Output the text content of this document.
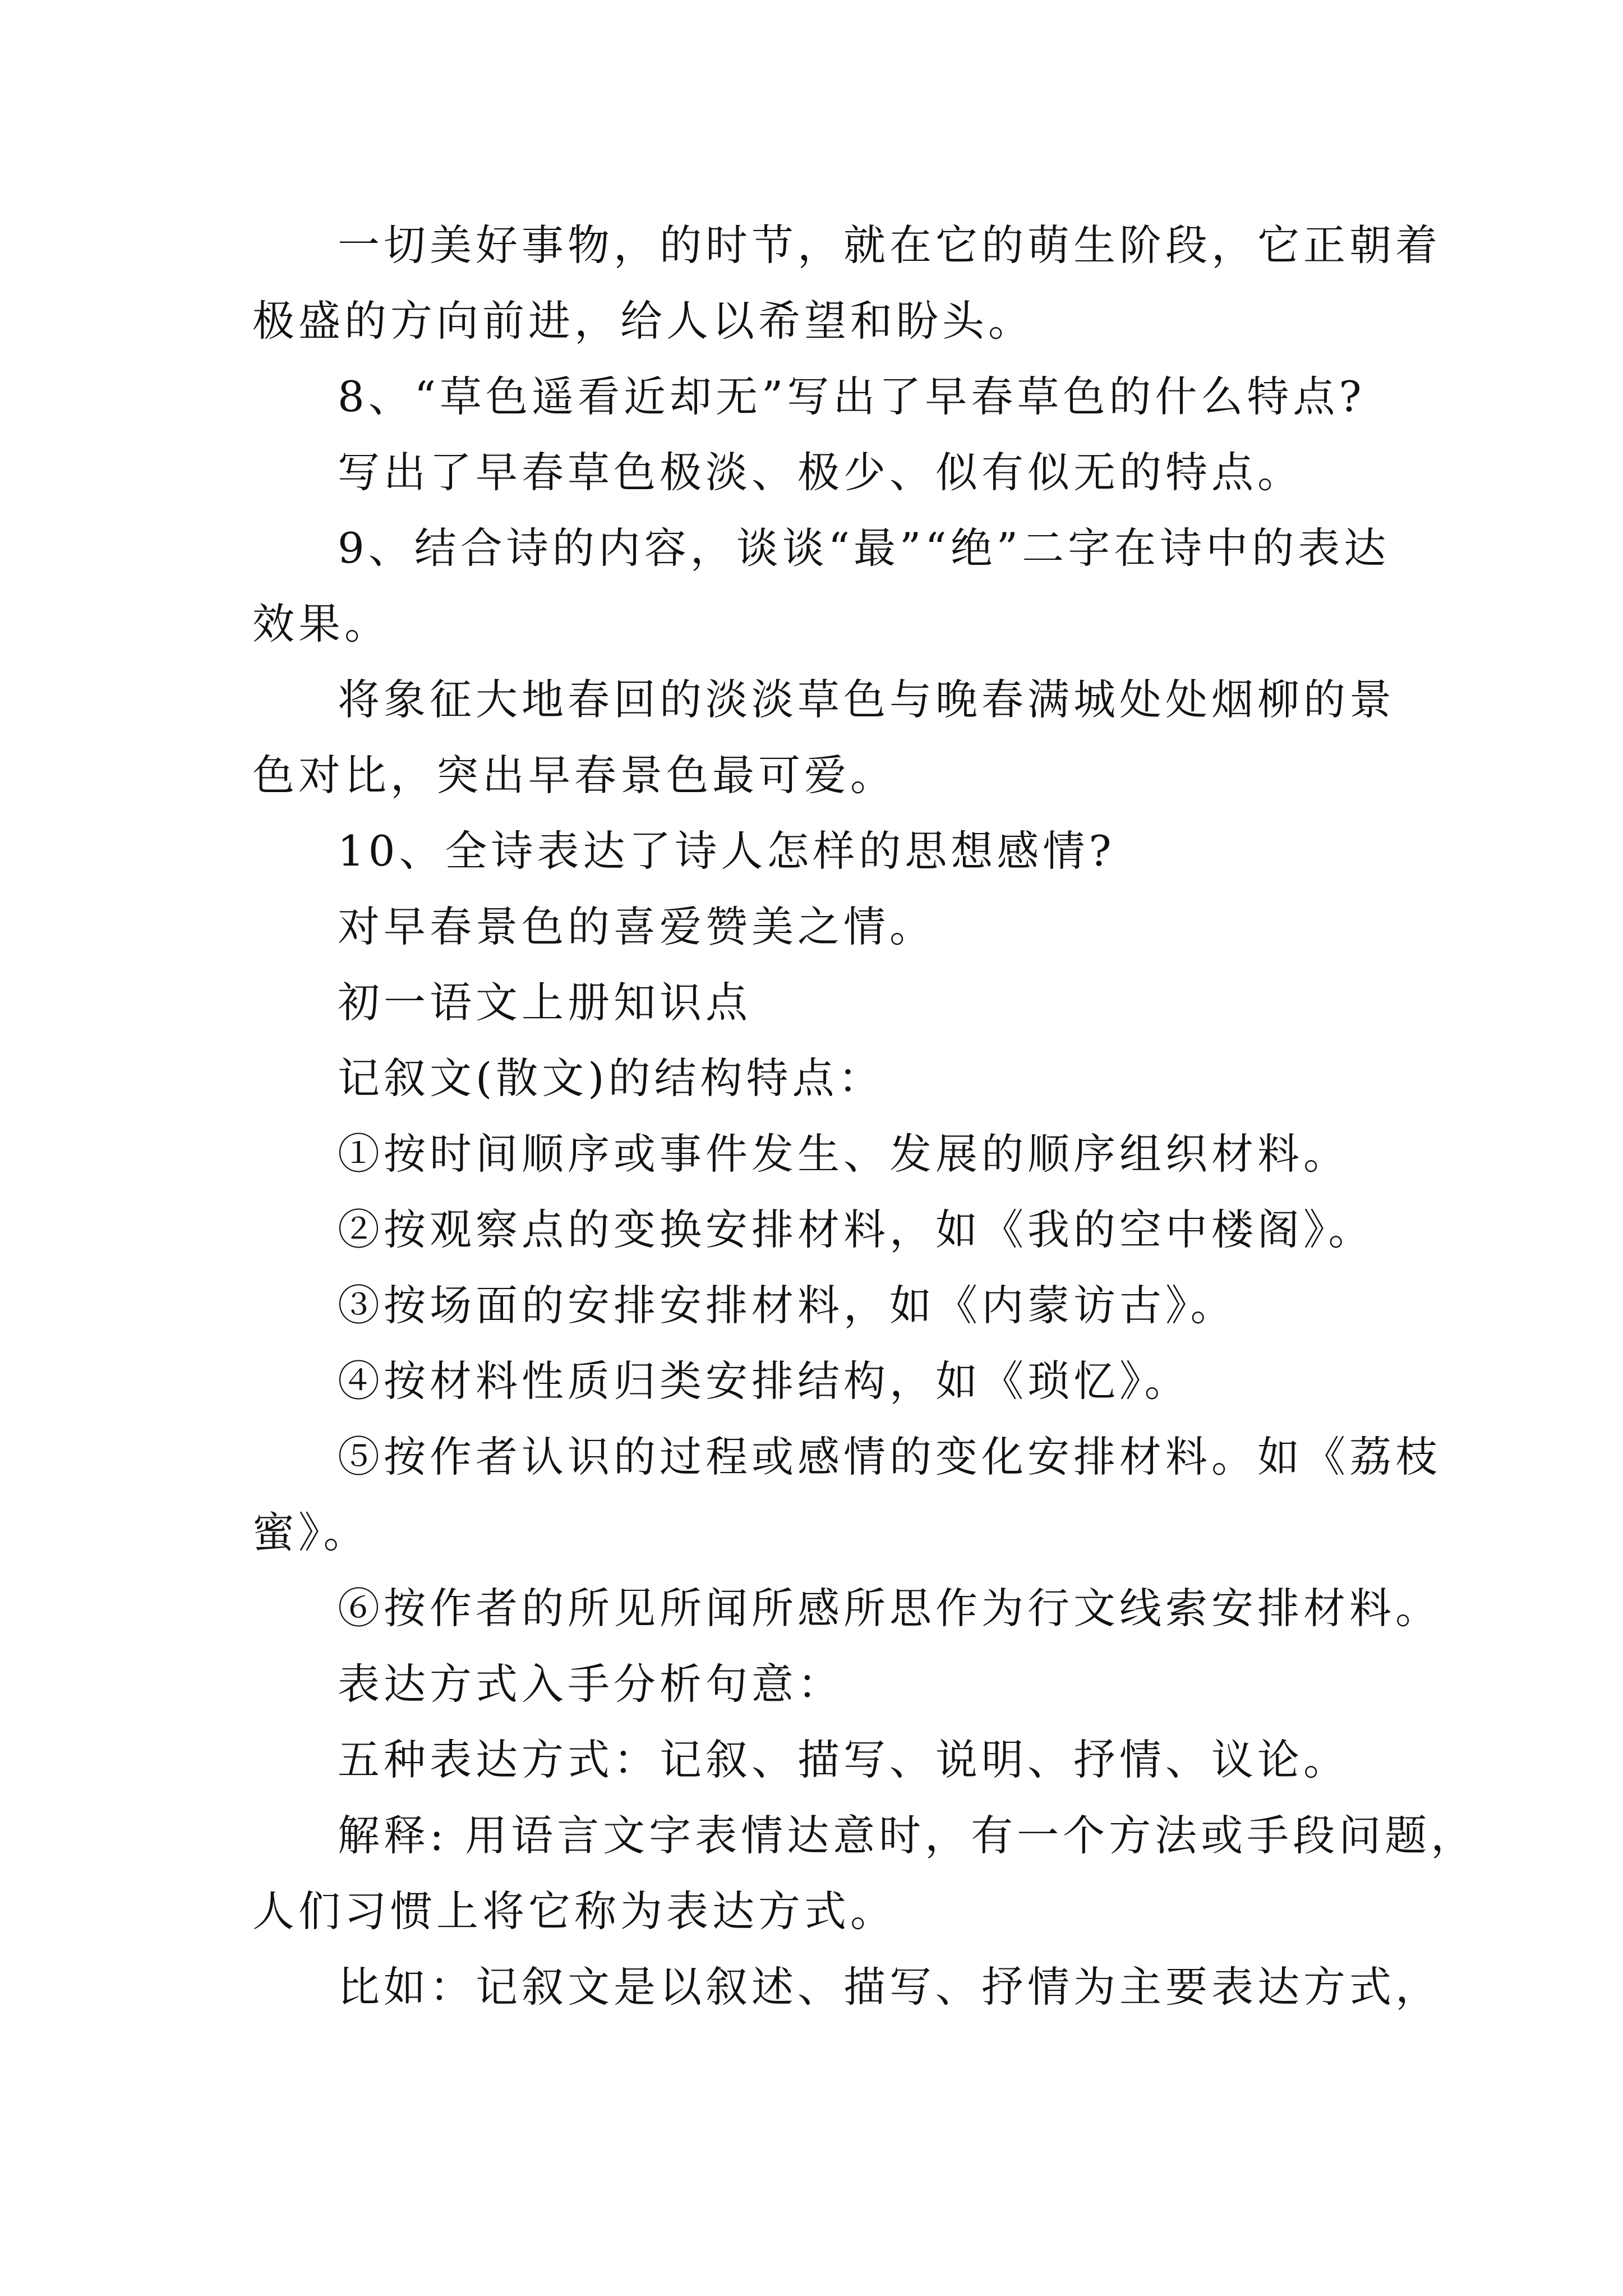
一切美好事物，的时节，就在它的萌生阶段，它正朝着

极盛的方向前进，给人以希望和盼头。

8、“草色遥看近却无”写出了早春草色的什么特点?

写出了早春草色极淡、极少、似有似无的特点。

9、结合诗的内容，谈谈“最”“绝”二字在诗中的表达

效果。

将象征大地春回的淡淡草色与晚春满城处处烟柳的景

色对比，突出早春景色最可爱。

10、全诗表达了诗人怎样的思想感情?

对早春景色的喜爱赞美之情。

初一语文上册知识点

记叙文(散文)的结构特点：

①按时间顺序或事件发生、发展的顺序组织材料。

②按观察点的变换安排材料，如《我的空中楼阁》。

③按场面的安排安排材料，如《内蒙访古》。

④按材料性质归类安排结构，如《琐忆》。

⑤按作者认识的过程或感情的变化安排材料。如《荔枝

蜜》。

⑥按作者的所见所闻所感所思作为行文线索安排材料。

表达方式入手分析句意：

五种表达方式：记叙、描写、说明、抒情、议论。

解释: 用语言文字表情达意时，有一个方法或手段问题，

人们习惯上将它称为表达方式。

比如：记叙文是以叙述、描写、抒情为主要表达方式，
